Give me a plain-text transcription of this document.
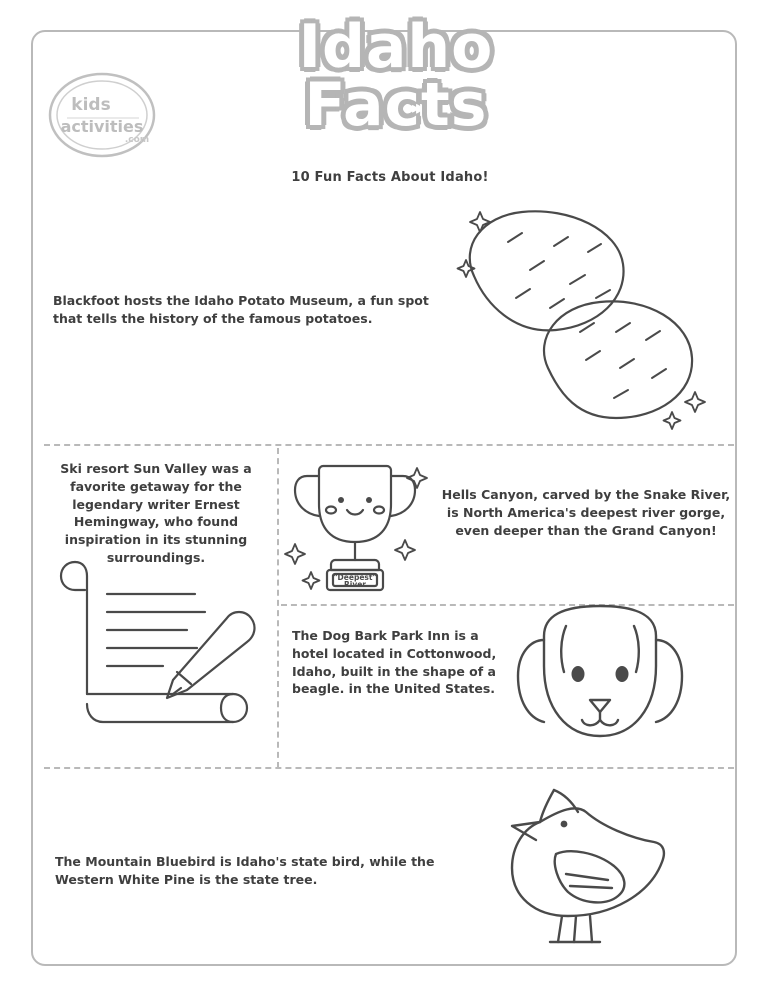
Idaho
Facts
kids
activities
.com
10 Fun Facts About Idaho!
Blackfoot hosts the Idaho Potato Museum, a fun spot that tells the history of the famous potatoes.
Ski resort Sun Valley was a favorite getaway for the legendary writer Ernest Hemingway, who found inspiration in its stunning surroundings.
Hells Canyon, carved by the Snake River, is North America's deepest river gorge, even deeper than the Grand Canyon!
The Dog Bark Park Inn is a hotel located in Cottonwood, Idaho, built in the shape of a beagle. in the United States.
The Mountain Bluebird is Idaho's state bird, while the Western White Pine is the state tree.
"Deepest"
River
